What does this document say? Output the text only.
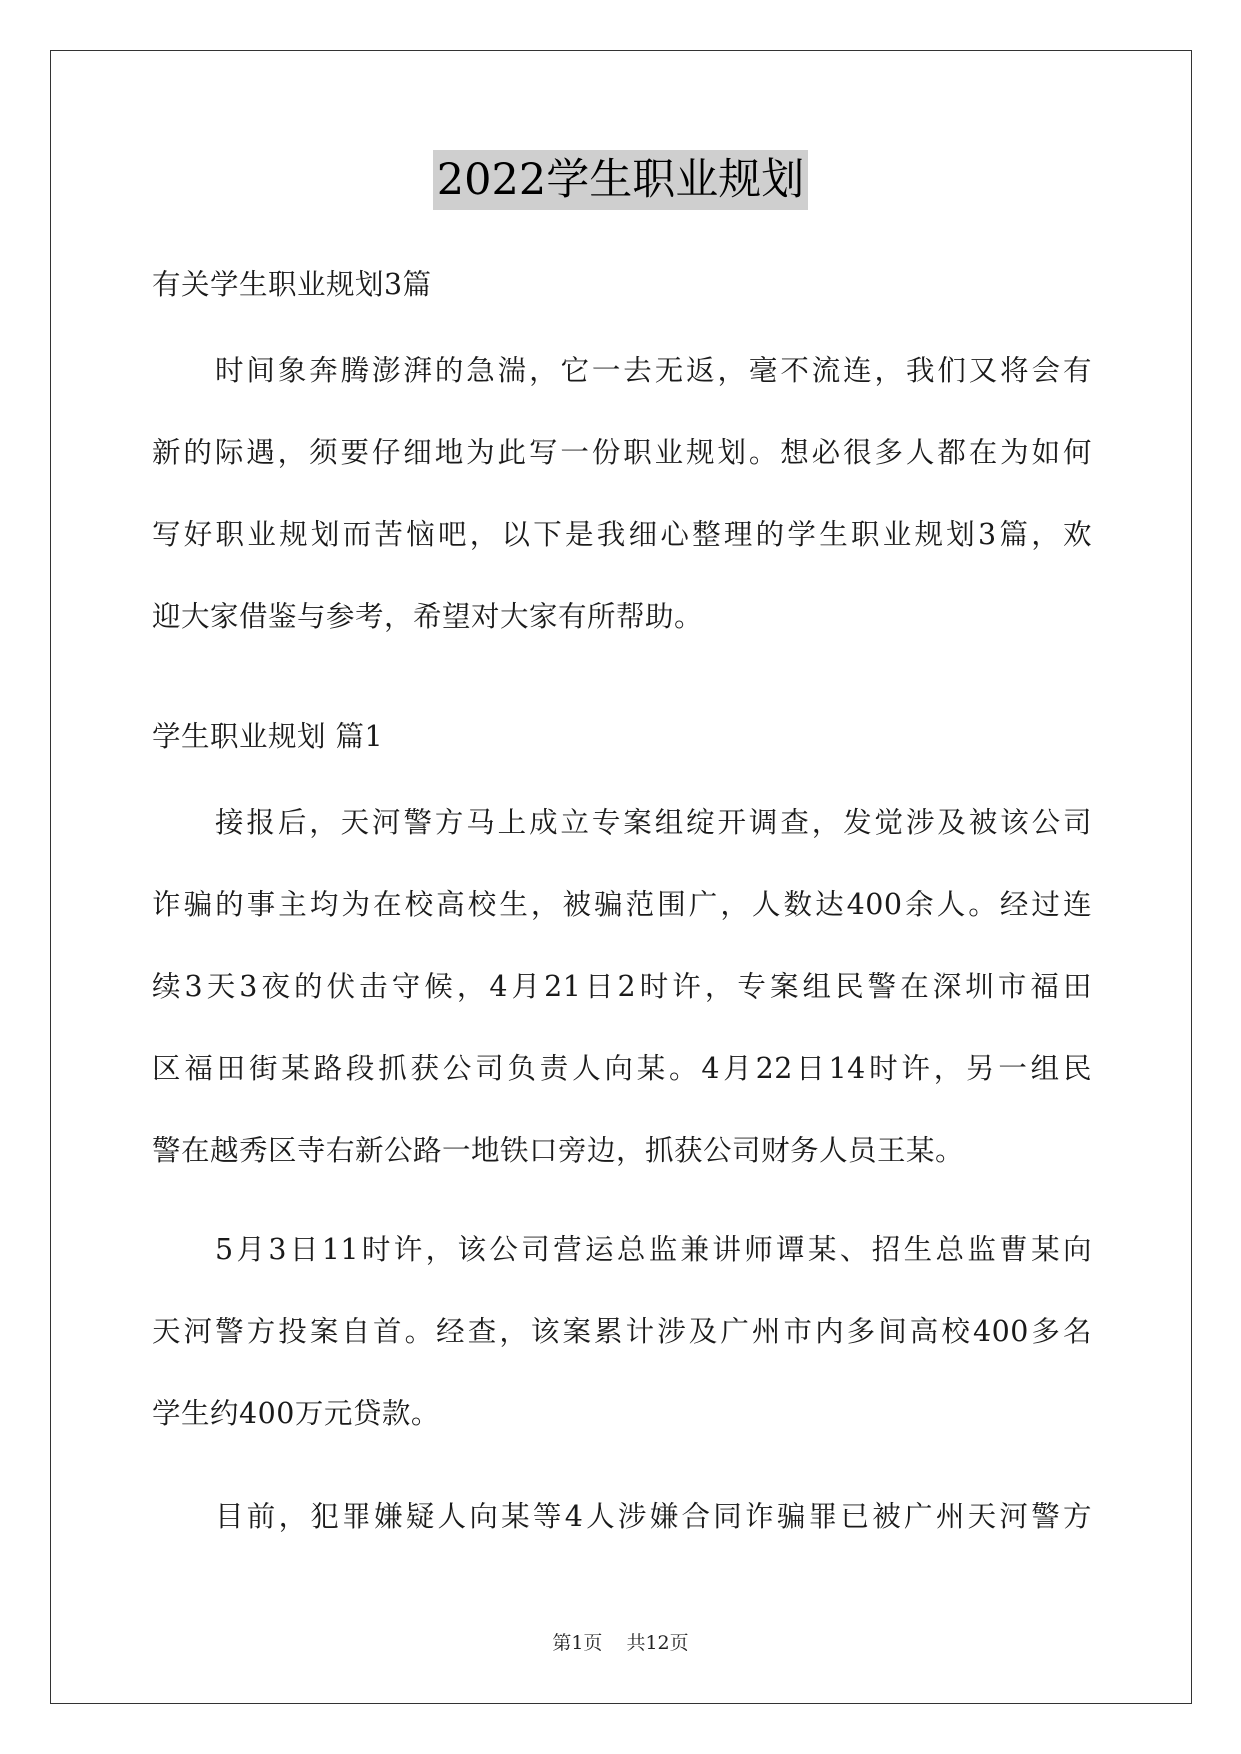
2022学生职业规划
有关学生职业规划3篇
时间象奔腾澎湃的急湍，它一去无返，毫不流连，我们又将会有
新的际遇，须要仔细地为此写一份职业规划。想必很多人都在为如何
写好职业规划而苦恼吧，以下是我细心整理的学生职业规划3篇，欢
迎大家借鉴与参考，希望对大家有所帮助。
学生职业规划 篇1
接报后，天河警方马上成立专案组绽开调查，发觉涉及被该公司
诈骗的事主均为在校高校生，被骗范围广，人数达400余人。经过连
续3天3夜的伏击守候，4月21日2时许，专案组民警在深圳市福田
区福田街某路段抓获公司负责人向某。4月22日14时许，另一组民
警在越秀区寺右新公路一地铁口旁边，抓获公司财务人员王某。
5月3日11时许，该公司营运总监兼讲师谭某、招生总监曹某向
天河警方投案自首。经查，该案累计涉及广州市内多间高校400多名
学生约400万元贷款。
目前，犯罪嫌疑人向某等4人涉嫌合同诈骗罪已被广州天河警方
第1页 共12页
